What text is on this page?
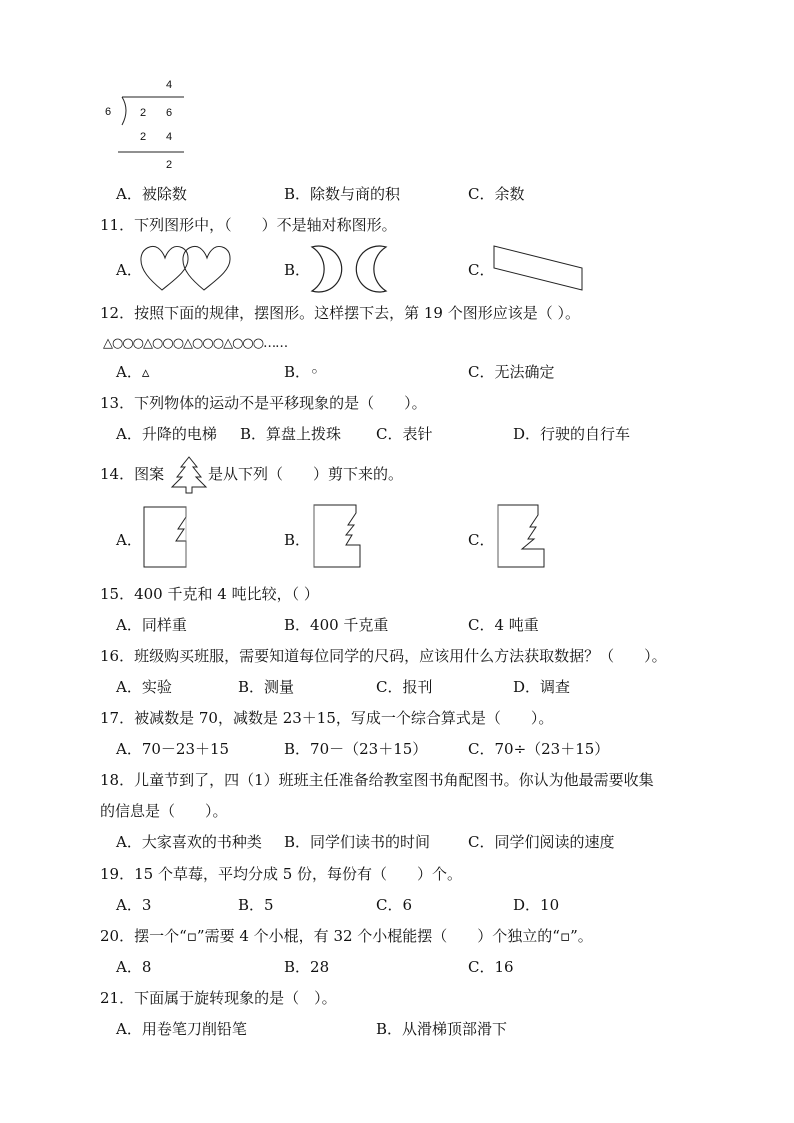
4
6	2 6
2 4
2
A．被除数	B．除数与商的积	C．余数
11．下列图形中，（　　）不是轴对称图形。
A．	B．	C．
12．按照下面的规律，摆图形。这样摆下去，第 19 个图形应该是（ ）。
△○○○△○○○△○○○△○○○……
A．▵	B．◦	C．无法确定
13．下列物体的运动不是平移现象的是（　　）。
A．升降的电梯 B．算盘上拨珠 C．表针	D．行驶的自行车
14．图案	是从下列（　　）剪下来的。
A．	B．	C．
15．400 千克和 4 吨比较，（ ）
A．同样重	B．400 千克重	C．4 吨重
16．班级购买班服，需要知道每位同学的尺码，应该用什么方法获取数据？（　　）。
A．实验	B．测量	C．报刊	D．调查
17．被减数是 70，减数是 23＋15，写成一个综合算式是（　　）。
A．70－23＋15	B．70－（23＋15）	C．70÷（23＋15）
18．儿童节到了，四（1）班班主任准备给教室图书角配图书。你认为他最需要收集
的信息是（　　）。
A．大家喜欢的书种类 B．同学们读书的时间	C．同学们阅读的速度
19．15 个草莓，平均分成 5 份，每份有（　　）个。
A．3	B．5	C．6	D．10
20．摆一个“▫”需要 4 个小棍，有 32 个小棍能摆（　　）个独立的“▫”。
A．8	B．28	C．16
21．下面属于旋转现象的是（　）。
A．用卷笔刀削铅笔	B．从滑梯顶部滑下
